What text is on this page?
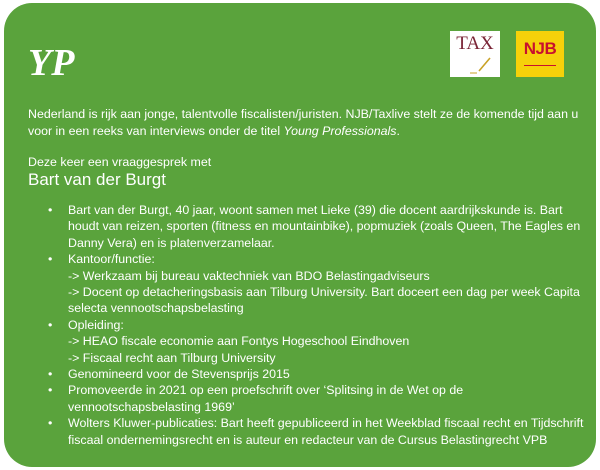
YP	TAX	NJB

Nederland is rijk aan jonge, talentvolle fiscalisten/juristen. NJB/Taxlive stelt ze de komende tijd aan u
voor in een reeks van interviews onder de titel Young Professionals.

Deze keer een vraaggesprek met

Bart van der Burgt

•	Bart van der Burgt, 40 jaar, woont samen met Lieke (39) die docent aardrijkskunde is. Bart
houdt van reizen, sporten (fitness en mountainbike), popmuziek (zoals Queen, The Eagles en
Danny Vera) en is platenverzamelaar.
•	Kantoor/functie:
-> Werkzaam bij bureau vaktechniek van BDO Belastingadviseurs
-> Docent op detacheringsbasis aan Tilburg University. Bart doceert een dag per week Capita
selecta vennootschapsbelasting
•	Opleiding:
-> HEAO fiscale economie aan Fontys Hogeschool Eindhoven
-> Fiscaal recht aan Tilburg University
•	Genomineerd voor de Stevensprijs 2015
•	Promoveerde in 2021 op een proefschrift over ‘Splitsing in de Wet op de
vennootschapsbelasting 1969’
•	Wolters Kluwer-publicaties: Bart heeft gepubliceerd in het Weekblad fiscaal recht en Tijdschrift
fiscaal ondernemingsrecht en is auteur en redacteur van de Cursus Belastingrecht VPB
